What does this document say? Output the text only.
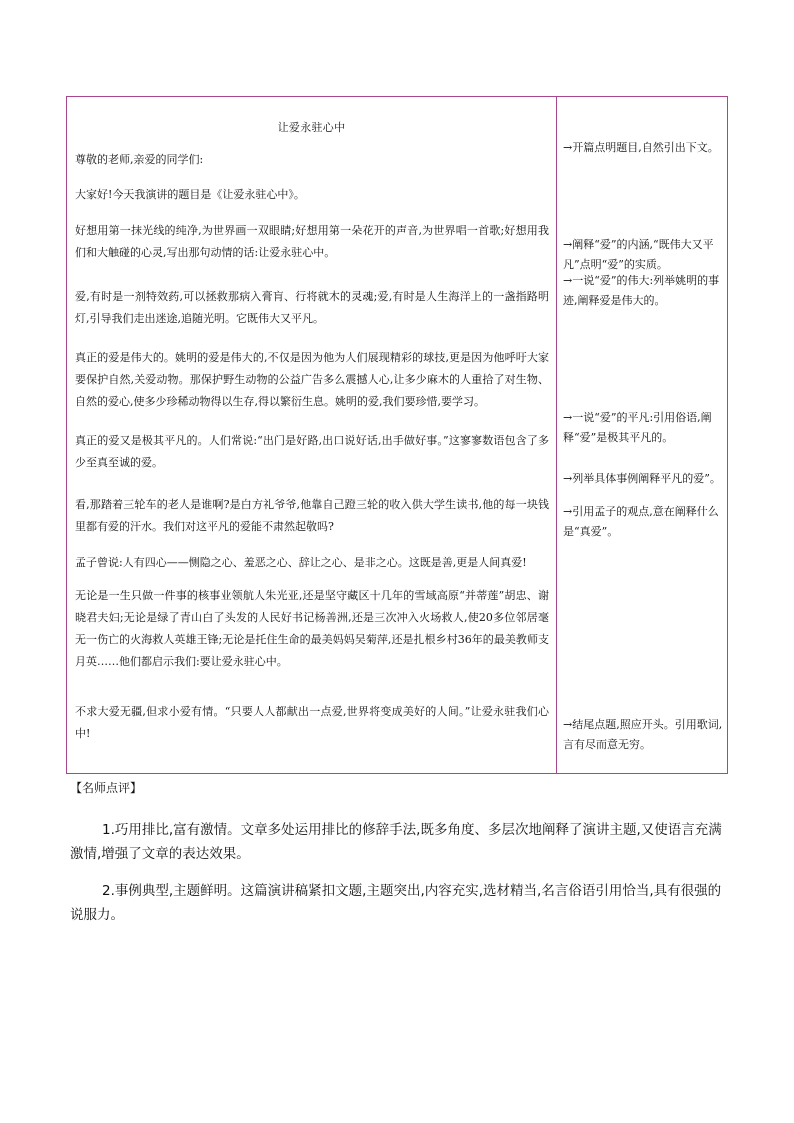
让爱永驻心中

尊敬的老师,亲爱的同学们:

大家好!今天我演讲的题目是《让爱永驻心中》。

好想用第一抹光线的纯净,为世界画一双眼睛;好想用第一朵花开的声音,为世界唱一首歌;好想用我们和大触碰的心灵,写出那句动情的话:让爱永驻心中。

爱,有时是一剂特效药,可以拯救那病入膏肓、行将就木的灵魂;爱,有时是人生海洋上的一盏指路明灯,引导我们走出迷途,追随光明。它既伟大又平凡。

真正的爱是伟大的。姚明的爱是伟大的,不仅是因为他为人们展现精彩的球技,更是因为他呼吁大家要保护自然,关爱动物。那保护野生动物的公益广告多么震撼人心,让多少麻木的人重拾了对生物、自然的爱心,使多少珍稀动物得以生存,得以繁衍生息。姚明的爱,我们要珍惜,要学习。

真正的爱又是极其平凡的。人们常说:“出门是好路,出口说好话,出手做好事。”这寥寥数语包含了多少至真至诚的爱。

看,那踏着三轮车的老人是谁啊?是白方礼爷爷,他靠自己蹬三轮的收入供大学生读书,他的每一块钱里都有爱的汗水。我们对这平凡的爱能不肃然起敬吗?

孟子曾说:人有四心——恻隐之心、羞恶之心、辞让之心、是非之心。这既是善,更是人间真爱!

无论是一生只做一件事的核事业领航人朱光亚,还是坚守藏区十几年的雪域高原“并蒂莲”胡忠、谢晓君夫妇;无论是绿了青山白了头发的人民好书记杨善洲,还是三次冲入火场救人,使20多位邻居毫无一伤亡的火海救人英雄王锋;无论是托住生命的最美妈妈吴菊萍,还是扎根乡村36年的最美教师支月英……他们都启示我们:要让爱永驻心中。

不求大爱无疆,但求小爱有情。“只要人人都献出一点爱,世界将变成美好的人间。”让爱永驻我们心中!

→开篇点明题目,自然引出下文。

→阐释“爱”的内涵,“既伟大又平凡”点明“爱”的实质。

→一说“爱”的伟大:列举姚明的事迹,阐释爱是伟大的。

→一说“爱”的平凡:引用俗语,阐释“爱”是极其平凡的。

→列举具体事例阐释平凡的爱”。

→引用孟子的观点,意在阐释什么是“真爱”。

→结尾点题,照应开头。引用歌词,言有尽而意无穷。

【名师点评】

1.巧用排比,富有激情。文章多处运用排比的修辞手法,既多角度、多层次地阐释了演讲主题,又使语言充满激情,增强了文章的表达效果。

2.事例典型,主题鲜明。这篇演讲稿紧扣文题,主题突出,内容充实,选材精当,名言俗语引用恰当,具有很强的说服力。
